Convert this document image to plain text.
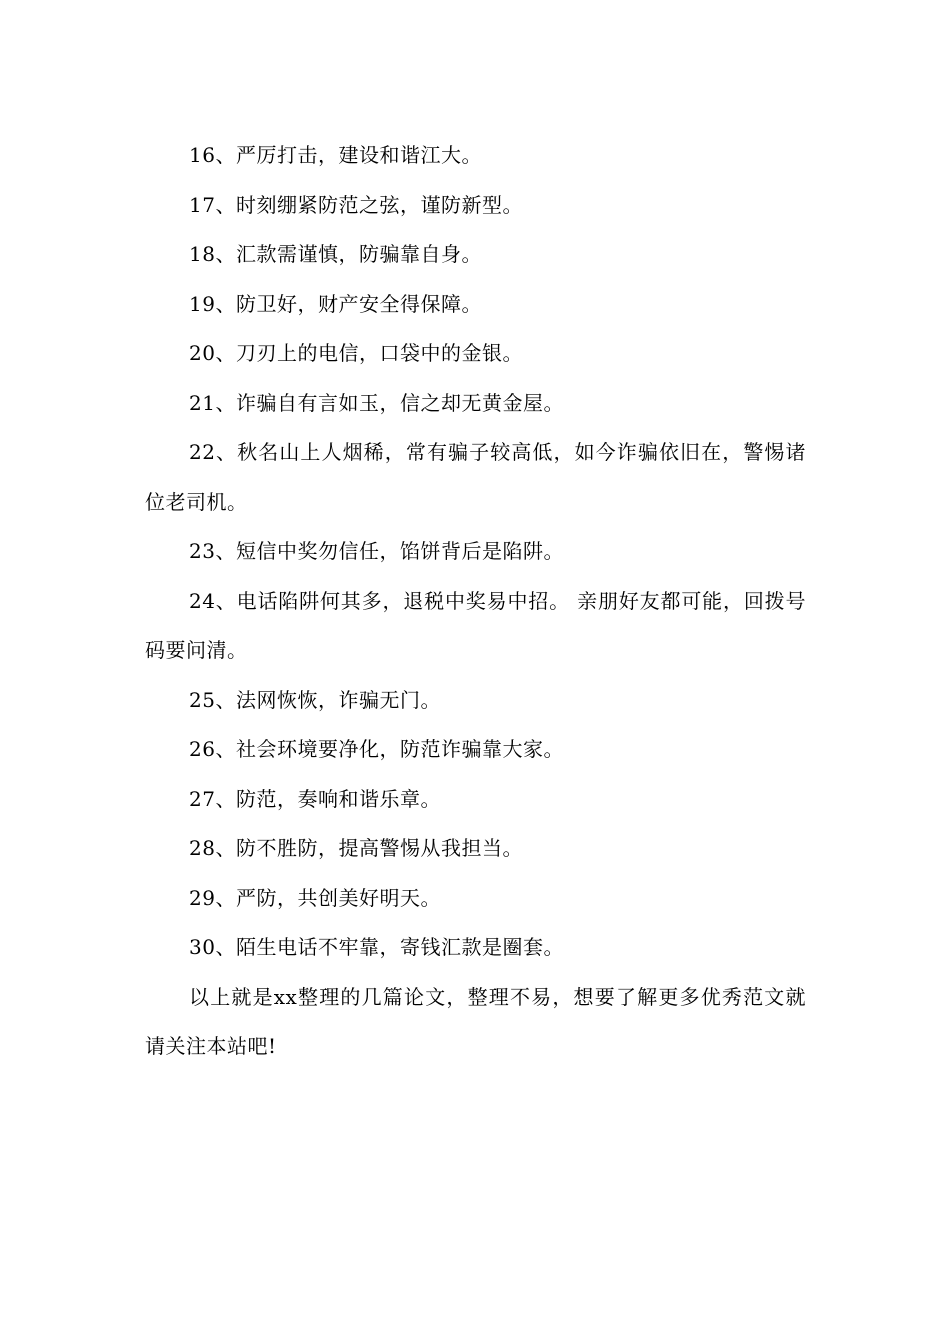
16、严厉打击，建设和谐江大。

17、时刻绷紧防范之弦，谨防新型。

18、汇款需谨慎，防骗靠自身。

19、防卫好，财产安全得保障。

20、刀刃上的电信，口袋中的金银。

21、诈骗自有言如玉，信之却无黄金屋。

22、秋名山上人烟稀，常有骗子较高低，如今诈骗依旧在，警惕诸位老司机。

23、短信中奖勿信任，馅饼背后是陷阱。

24、电话陷阱何其多，退税中奖易中招。 亲朋好友都可能，回拨号码要问清。

25、法网恢恢，诈骗无门。

26、社会环境要净化，防范诈骗靠大家。

27、防范，奏响和谐乐章。

28、防不胜防，提高警惕从我担当。

29、严防，共创美好明天。

30、陌生电话不牢靠，寄钱汇款是圈套。

以上就是xx整理的几篇论文，整理不易，想要了解更多优秀范文就请关注本站吧!
